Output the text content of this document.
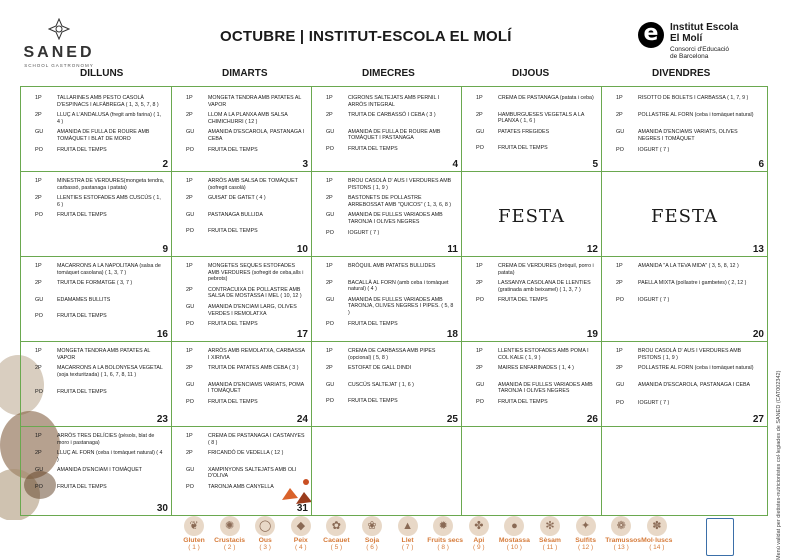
SANED
SCHOOL GASTRONOMY
OCTUBRE | INSTITUT-ESCOLA EL MOLÍ	e	Institut Escola
El Molí
Consorci d'Educació
de Barcelona
DILLUNS	DIMARTS	DIMECRES	DIJOUS	DIVENDRES
1P	TALLARINES AMB PESTO CASOLÀ D'ESPINACS I ALFÀBREGA ( 1, 3, 5, 7, 8 )
2P	LLUÇ A L'ANDALUSA (fregit amb farina) ( 1, 4 )
GU	AMANIDA DE FULLA DE ROURE AMB TOMÀQUET I BLAT DE MORO
PO	FRUITA DEL TEMPS
2
1P	MONGETA TENDRA AMB PATATES AL VAPOR
2P	LLOM A LA PLANXA AMB SALSA CHIMICHURRI ( 12 )
GU	AMANIDA D'ESCAROLA, PASTANAGA I CEBA
PO	FRUITA DEL TEMPS
3
1P	CIGRONS SALTEJATS AMB PERNIL I ARRÒS INTEGRAL
2P	TRUITA DE CARBASSÓ I CEBA ( 3 )
GU	AMANIDA DE FULLA DE ROURE AMB TOMÀQUET I PASTANAGA
PO	FRUITA DEL TEMPS
4
1P	CREMA DE PASTANAGA (patata i ceba)
2P	HAMBURGUESES VEGETALS A LA PLANXA ( 1, 6 )
GU	PATATES FREGIDES
PO	FRUITA DEL TEMPS
5
1P	RISOTTO DE BOLETS I CARBASSA ( 1, 7, 9 )
2P	POLLASTRE AL FORN (ceba i tomàquet natural)
GU	AMANIDA D'ENCIAMS VARIATS, OLIVES NEGRES I TOMÀQUET
PO	IOGURT ( 7 )
6
1P	MINESTRA DE VERDURES(mongeta tendra, carbassó, pastanaga i patata)
2P	LLENTIES ESTOFADES AMB CUSCÚS ( 1, 6 )
PO	FRUITA DEL TEMPS
9
1P	ARRÒS AMB SALSA DE TOMÀQUET (sofregit casolà)
2P	GUISAT DE GATET ( 4 )
GU	PASTANAGA BULLIDA
PO	FRUITA DEL TEMPS
10
1P	BROU CASOLÀ D' AUS I VERDURES AMB PISTONS ( 1, 9 )
2P	BASTONETS DE POLLASTRE ARREBOSSAT AMB "QUICOS" ( 1, 3, 6, 8 )
GU	AMANIDA DE FULLES VARIADES AMB TARONJA I OLIVES NEGRES
PO	IOGURT ( 7 )
11
FESTA
12
FESTA
13
1P	MACARRONS A LA NAPOLITANA (salsa de tomàquet casolana) ( 1, 3, 7 )
2P	TRUITA DE FORMATGE ( 3, 7 )
GU	EDAMAMES BULLITS
PO	FRUITA DEL TEMPS
16
1P	MONGETES SEQUES ESTOFADES AMB VERDURES (sofregit de ceba,alls i pebrots)
2P	CONTRACUIXA DE POLLASTRE AMB SALSA DE MOSTASSA I MEL ( 10, 12 )
GU	AMANIDA D'ENCIAM LARG, OLIVES VERDES I REMOLATXA
PO	FRUITA DEL TEMPS
17
1P	BRÒQUIL AMB PATATES BULLIDES
2P	BACALLÀ AL FORN (amb ceba i tomàquet natural) ( 4 )
GU	AMANIDA DE FULLES VARIADES AMB TARONJA, OLIVES NEGRES I PIPES. ( 5, 8 )
PO	FRUITA DEL TEMPS
18
1P	CREMA DE VERDURES (bròquil, porro i patata)
2P	LASSANYA CASOLANA DE LLENTIES (gratinada amb beixamel) ( 1, 3, 7 )
PO	FRUITA DEL TEMPS
19
1P	AMANIDA "A LA TEVA MIDA" ( 3, 5, 8, 12 )
2P	PAELLA MIXTA (pollastre i gambetes) ( 2, 12 )
PO	IOGURT ( 7 )
20
1P	MONGETA TENDRA AMB PATATES AL VAPOR
2P	MACARRONS A LA BOLONYESA VEGETAL (soja texturitzada) ( 1, 6, 7, 8, 11 )
PO	FRUITA DEL TEMPS
23
1P	ARRÒS AMB REMOLATXA, CARBASSA I XIRIVIA
2P	TRUITA DE PATATES AMB CEBA ( 3 )
GU	AMANIDA D'ENCIAMS VARIATS, POMA I TOMÀQUET
PO	FRUITA DEL TEMPS
24
1P	CREMA DE CARBASSA AMB PIPES (opcional) ( 5, 8 )
2P	ESTOFAT DE GALL DINDI
GU	CUSCÚS SALTEJAT ( 1, 6 )
PO	FRUITA DEL TEMPS
25
1P	LLENTIES ESTOFADES AMB POMA I COL KALE ( 1, 9 )
2P	MAIRES ENFARINADES ( 1, 4 )
GU	AMANIDA DE FULLES VARIADES AMB TARONJA I OLIVES NEGRES
PO	FRUITA DEL TEMPS
26
1P	BROU CASOLÀ D' AUS I VERDURES AMB PISTONS ( 1, 9 )
2P	POLLASTRE AL FORN (ceba i tomàquet natural)
GU	AMANIDA D'ESCAROLA, PASTANAGA I CEBA
PO	IOGURT ( 7 )
27
1P	ARRÒS TRES DELÍCIES (pèsols, blat de moro i pastanaga)
2P	LLUÇ AL FORN (ceba i tomàquet natural) ( 4 )
GU	AMANIDA D'ENCIAM I TOMÀQUET
PO	FRUITA DEL TEMPS
30
1P	CREMA DE PASTANAGA I CASTANYES ( 8 )
2P	FRICANDÓ DE VEDELLA ( 12 )
GU	XAMPINYONS SALTEJATS AMB OLI D'OLIVA
PO	TARONJA AMB CANYELLA
31
❦
Gluten
( 1 )
✺
Crustacis
( 2 )
◯
Ous
( 3 )
◆
Peix
( 4 )
✿
Cacauet
( 5 )
❀
Soja
( 6 )
▲
Llet
( 7 )
✹
Fruits secs
( 8 )
✤
Api
( 9 )
●
Mostassa
( 10 )
✻
Sèsam
( 11 )
✦
Sulfits
( 12 )
❁
Tramussos
( 13 )
✽
Mol·luscs
( 14 )	Menú validat per dietistes-nutricionistes col·legiades de SANED (CAT002342)
